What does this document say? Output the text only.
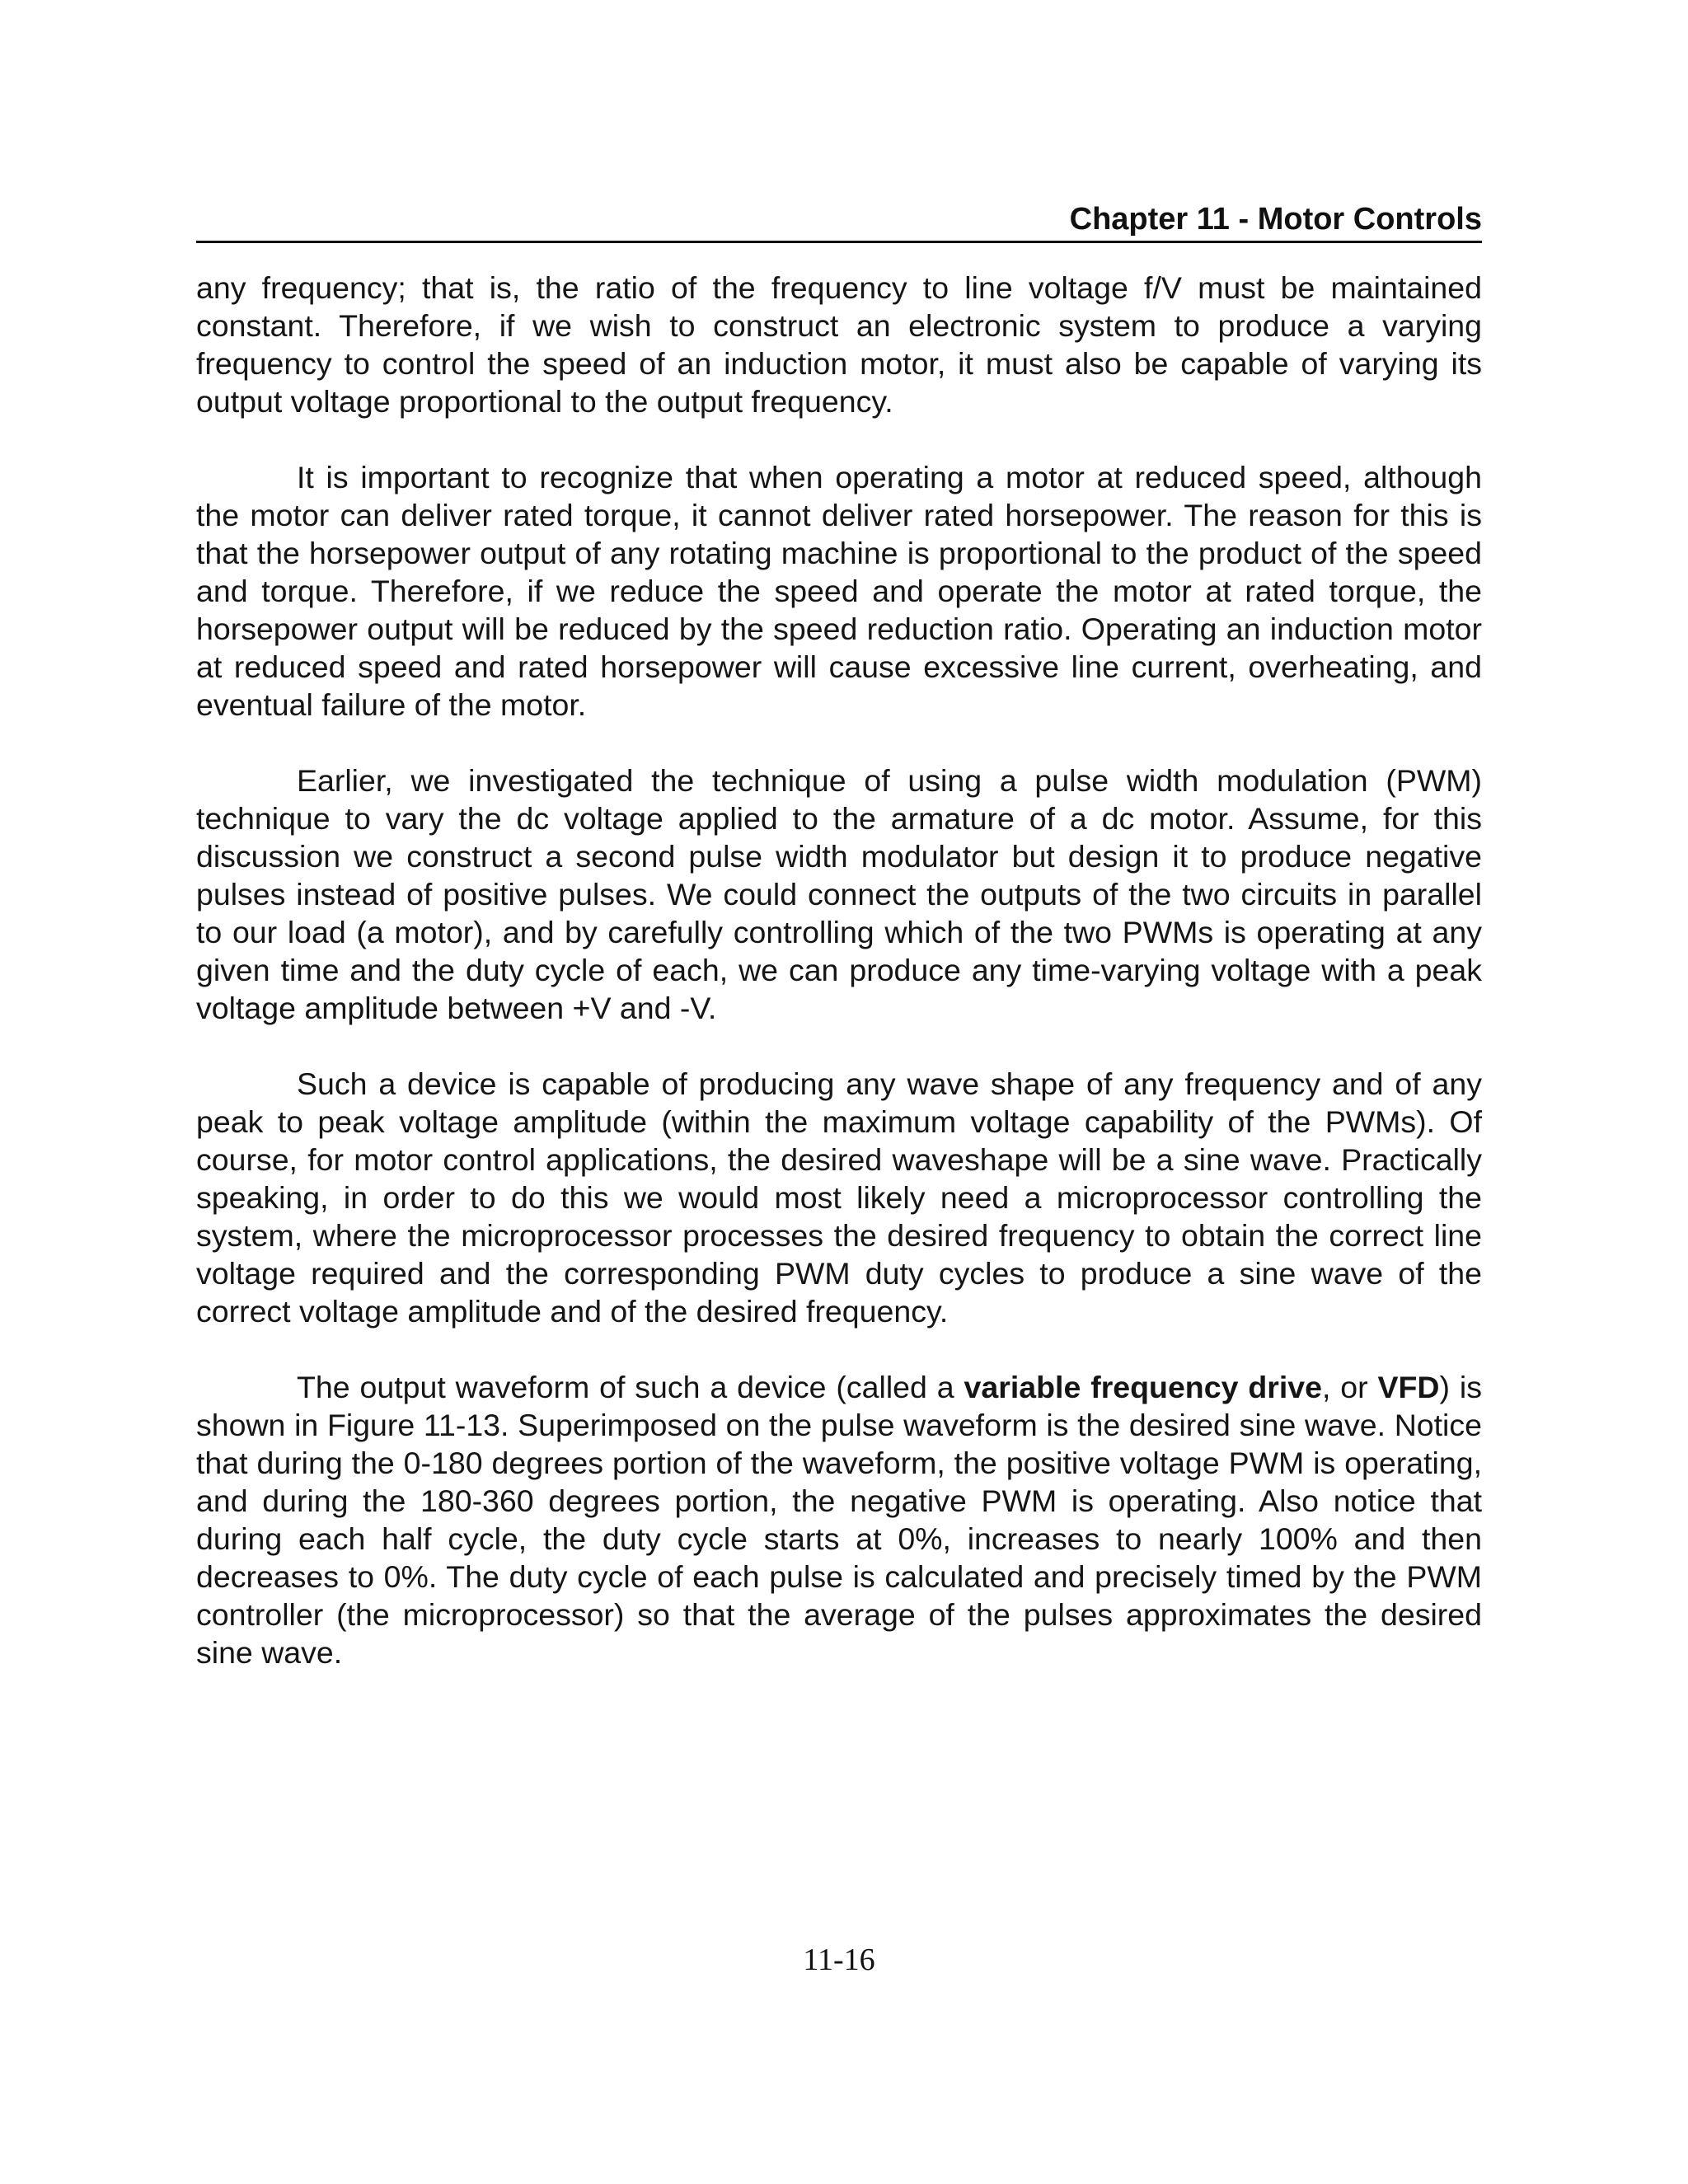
Chapter 11 - Motor Controls

any frequency; that is, the ratio of the frequency to line voltage f/V must be maintained constant. Therefore, if we wish to construct an electronic system to produce a varying frequency to control the speed of an induction motor, it must also be capable of varying its output voltage proportional to the output frequency.

It is important to recognize that when operating a motor at reduced speed, although the motor can deliver rated torque, it cannot deliver rated horsepower. The reason for this is that the horsepower output of any rotating machine is proportional to the product of the speed and torque. Therefore, if we reduce the speed and operate the motor at rated torque, the horsepower output will be reduced by the speed reduction ratio. Operating an induction motor at reduced speed and rated horsepower will cause excessive line current, overheating, and eventual failure of the motor.

Earlier, we investigated the technique of using a pulse width modulation (PWM) technique to vary the dc voltage applied to the armature of a dc motor. Assume, for this discussion we construct a second pulse width modulator but design it to produce negative pulses instead of positive pulses. We could connect the outputs of the two circuits in parallel to our load (a motor), and by carefully controlling which of the two PWMs is operating at any given time and the duty cycle of each, we can produce any time-varying voltage with a peak voltage amplitude between +V and -V.

Such a device is capable of producing any wave shape of any frequency and of any peak to peak voltage amplitude (within the maximum voltage capability of the PWMs). Of course, for motor control applications, the desired waveshape will be a sine wave. Practically speaking, in order to do this we would most likely need a microprocessor controlling the system, where the microprocessor processes the desired frequency to obtain the correct line voltage required and the corresponding PWM duty cycles to produce a sine wave of the correct voltage amplitude and of the desired frequency.

The output waveform of such a device (called a variable frequency drive, or VFD) is shown in Figure 11-13. Superimposed on the pulse waveform is the desired sine wave. Notice that during the 0-180 degrees portion of the waveform, the positive voltage PWM is operating, and during the 180-360 degrees portion, the negative PWM is operating. Also notice that during each half cycle, the duty cycle starts at 0%, increases to nearly 100% and then decreases to 0%. The duty cycle of each pulse is calculated and precisely timed by the PWM controller (the microprocessor) so that the average of the pulses approximates the desired sine wave.

11-16
